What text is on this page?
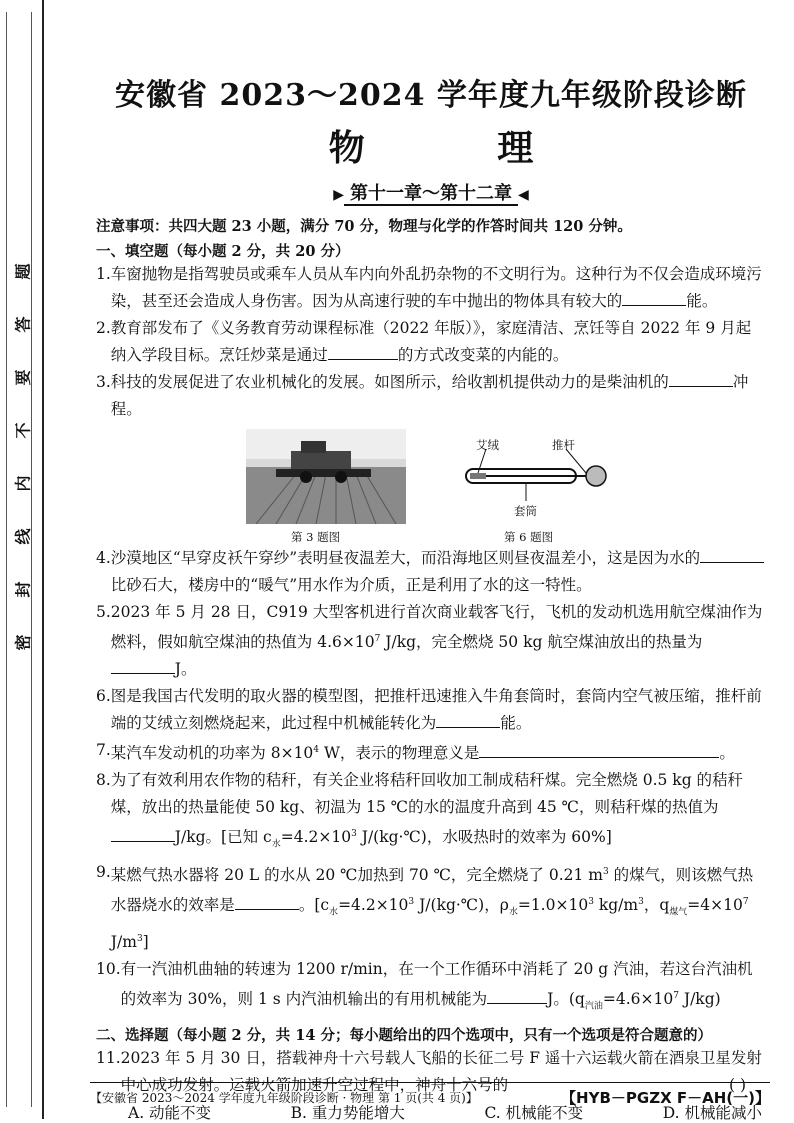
题
答
要
不
内
线
封
密
安徽省 2023～2024 学年度九年级阶段诊断
物 理
▶ 第十一章～第十二章 ◀
注意事项：共四大题 23 小题，满分 70 分，物理与化学的作答时间共 120 分钟。
一、填空题（每小题 2 分，共 20 分）
1. 车窗抛物是指驾驶员或乘车人员从车内向外乱扔杂物的不文明行为。这种行为不仅会造成环境污染，甚至还会造成人身伤害。因为从高速行驶的车中抛出的物体具有较大的	能。
2. 教育部发布了《义务教育劳动课程标准（2022 年版）》，家庭清洁、烹饪等自 2022 年 9 月起纳入学段目标。烹饪炒菜是通过	的方式改变菜的内能的。
3. 科技的发展促进了农业机械化的发展。如图所示，给收割机提供动力的是柴油机的	冲程。
第 3 题图
艾绒	推杆
套筒
第 6 题图
4. 沙漠地区“早穿皮袄午穿纱”表明昼夜温差大，而沿海地区则昼夜温差小，这是因为水的比砂石大，楼房中的“暖气”用水作为介质，正是利用了水的这一特性。
5. 2023 年 5 月 28 日，C919 大型客机进行首次商业载客飞行，飞机的发动机选用航空煤油作为燃料，假如航空煤油的热值为 $4.6\times 10^7$ J/kg，完全燃烧 50 kg 航空煤油放出的热量为J。
6. 图是我国古代发明的取火器的模型图，把推杆迅速推入牛角套筒时，套筒内空气被压缩，推杆前端的艾绒立刻燃烧起来，此过程中机械能转化为	能。
7. 某汽车发动机的功率为 $8\times 10^4$ W，表示的物理意义是	。
8. 为了有效利用农作物的秸秆，有关企业将秸秆回收加工制成秸秆煤。完全燃烧 0.5 kg 的秸秆煤，放出的热量能使 50 kg、初温为 15 ℃的水的温度升高到 45 ℃，则秸秆煤的热值为J/kg。[已知 $c_水=4.2\times 10^3$ J/(kg·℃)，水吸热时的效率为 60%]
9. 某燃气热水器将 20 L 的水从 20 ℃加热到 70 ℃，完全燃烧了 0.21 $m^3$ 的煤气，则该燃气热水器烧水的效率是	。[$c_水=4.2\times 10^3$ J/(kg·℃)，$\rho_水=1.0\times 10^3$ $kg/m^3$，$q_{煤气}=4\times 10^7$ $J/m^3$]
10. 有一汽油机曲轴的转速为 1200 r/min，在一个工作循环中消耗了 20 g 汽油，若这台汽油机的效率为 30%，则 1 s 内汽油机输出的有用机械能为	J。($q_{汽油}=4.6\times 10^7$ J/kg)
二、选择题（每小题 2 分，共 14 分；每小题给出的四个选项中，只有一个选项是符合题意的）
11. 2023 年 5 月 30 日，搭载神舟十六号载人飞船的长征二号 F 遥十六运载火箭在酒泉卫星发射中心成功发射。运载火箭加速升空过程中，神舟十六号的	( )
A. 动能不变	B. 重力势能增大	C. 机械能不变	D. 机械能减小
【安徽省 2023～2024 学年度九年级阶段诊断 · 物理 第 1 页(共 4 页)】	【HYB－PGZX F－AH(一)】
